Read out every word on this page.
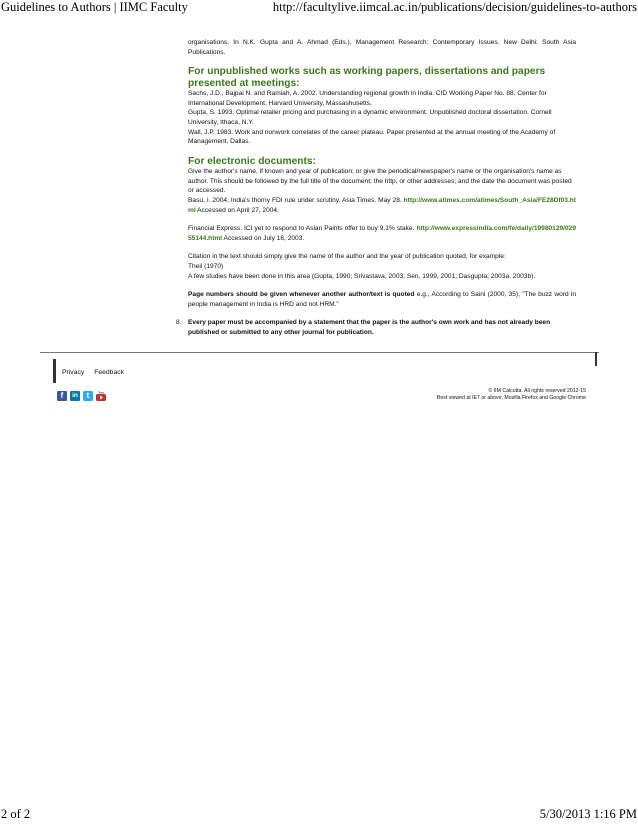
Guidelines to Authors | IIMC Faculty	http://facultylive.iimcal.ac.in/publications/decision/guidelines-to-authors

organisations. In N.K. Gupta and A. Ahmad (Eds.), Management Research: Contemporary Issues. New Delhi: South Asia Publications.

For unpublished works such as working papers, dissertations and papers presented at meetings:

Sachs, J.D., Bajpai N. and Ramiah, A. 2002. Understanding regional growth in India. CID Working Paper No. 88. Center for International Development, Harvard University, Massashusetts.

Gupta, S. 1993. Optimal retailer pricing and purchasing in a dynamic environment. Unpublished doctoral dissertation. Cornell University, Ithaca, N.Y.

Wall, J.P. 1983. Work and nonwork correlates of the career plateau. Paper presented at the annual meeting of the Academy of Management, Dallas.

For electronic documents:

Give the author's name, if known and year of publication; or give the periodical/newspaper's name or the organisation's name as author. This should be followed by the full title of the document; the http, or other addresses; and the date the document was posted or accessed.

Basu, I. 2004. India's thorny FDI rule under scrutiny. Asia Times. May 28. http://www.atimes.com/atimes/South_Asia/FE28Df03.html Accessed on April 27, 2004.

Financial Express. ICI yet to respond to Asian Paints offer to buy 9.1% stake. http://www.expressindia.com/fe/daily/19980129/02955144.html Accessed on July 16, 2003.

Citation in the text should simply give the name of the author and the year of publication quoted, for example:

Theil (1970)

A few studies have been done in this area (Gupta, 1990; Srivastava, 2003; Sen, 1999, 2001; Dasgupta, 2003a, 2003b).

Page numbers should be given whenever another author/text is quoted e.g., According to Saini (2000, 35), "The buzz word in people management in India is HRD and not HRM."

8. Every paper must be accompanied by a statement that the paper is the author's own work and has not already been published or submitted to any other journal for publication.

Privacy Feedback
f in t	You	© IIM Calcutta. All rights reserved 2012-15
Best viewed at IE7 or above, Mozilla Firefox and Google Chrome
2 of 2	5/30/2013 1:16 PM
